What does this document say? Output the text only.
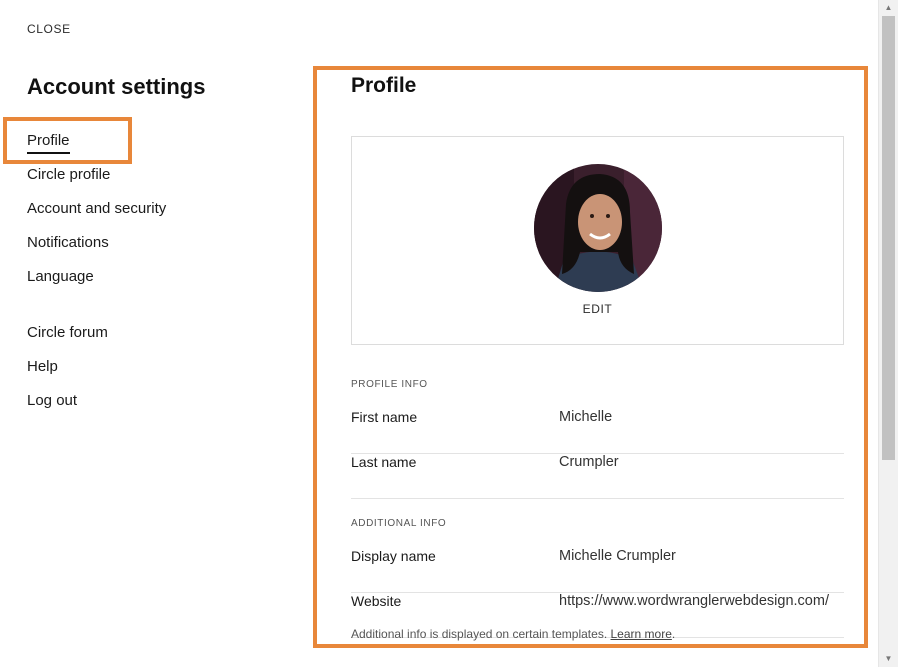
CLOSE
Account settings
Profile
Circle profile
Account and security
Notifications
Language
Circle forum
Help
Log out
Profile
EDIT
PROFILE INFO
First name	Michelle
Last name	Crumpler
ADDITIONAL INFO
Display name	Michelle Crumpler
Website	https://www.wordwranglerwebdesign.com/
Additional info is displayed on certain templates. Learn more.
▲
▼
